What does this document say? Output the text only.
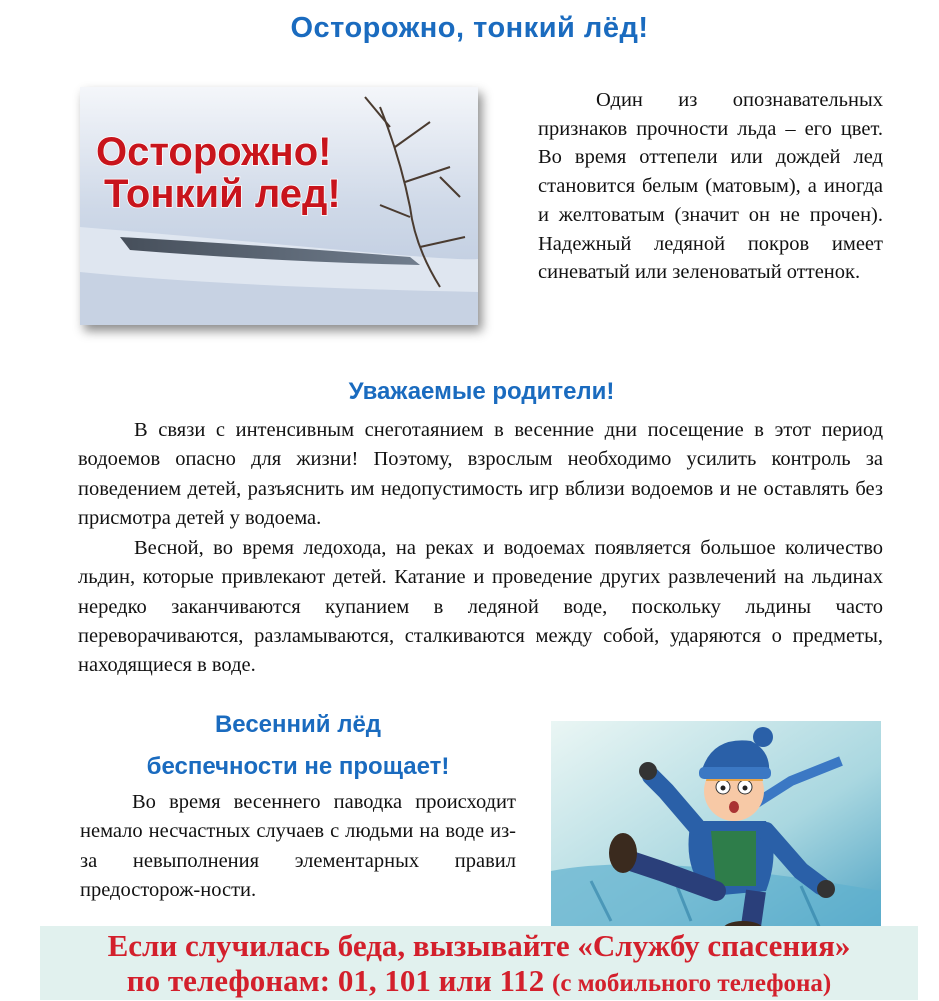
Осторожно, тонкий лёд!
Осторожно!
Тонкий лед!

Один из опознавательных признаков прочности льда – его цвет. Во время оттепели или дождей лед становится белым (матовым), а иногда и желтоватым (значит он не прочен). Надежный ледяной покров имеет синеватый или зеленоватый оттенок.

Уважаемые родители!

В связи с интенсивным снеготаянием в весенние дни посещение в этот период водоемов опасно для жизни! Поэтому, взрослым необходимо усилить контроль за поведением детей, разъяснить им недопустимость игр вблизи водоемов и не оставлять без присмотра детей у водоема.

Весной, во время ледохода, на реках и водоемах появляется большое количество льдин, которые привлекают детей. Катание и проведение других развлечений на льдинах нередко заканчиваются купанием в ледяной воде, поскольку льдины часто переворачиваются, разламываются, сталкиваются между собой, ударяются о предметы, находящиеся в воде.

Весенний лёд
беспечности не прощает!

Во время весеннего паводка происходит немало несчастных случаев с людьми на воде из-за невыполнения элементарных правил предосторож-ности.

Если случилась беда, вызывайте «Службу спасения»
по телефонам: 01, 101 или 112 (с мобильного телефона)
